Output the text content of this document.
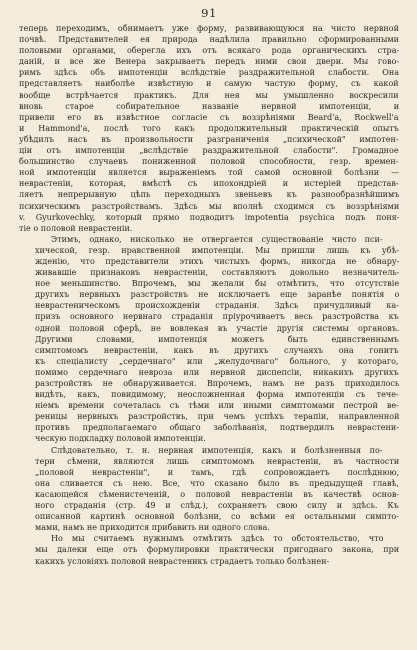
91
теперь переходимъ, обнимаетъ уже форму, развивающуюся на чисто нервной
почвѣ. Представителей ея природа надѣлила правильно сформированными
половыми органами, оберегла ихъ отъ всякаго рода органическихъ стра-
даній, и все же Венера закрываетъ передъ ними свои двери. Мы гово-
римъ здѣсь объ импотенціи вслѣдствіе раздражительной слабости. Она
представляетъ наиболѣе извѣстную и самую частую форму, съ какой
вообще встрѣчается практикъ. Для нея мы умышленно воскресили
вновь старое собирательное названіе нервной импотенціи, и
привели его въ извѣстное согласіе съ воззрѣніями Beard'а, Rockwell'а
и Hammond'а, послѣ того какъ продолжительный практическій опытъ
убѣдилъ насъ въ произвольности разграниченія „психической" импотен-
ціи отъ импотенціи „вслѣдствіе раздражительной слабости". Громадное
большинство случаевъ пониженной половой способности, гезр. времен-
ной импотенціи является выраженіемъ той самой основной болѣзни —
неврастеніи, которая, вмѣстѣ съ ипохондріей и истеріей представ-
ляетъ непрерывную цѣпь переходныхъ звеньевъ къ разнообразнѣйшимъ
психическимъ разстройствамъ. Здѣсь мы вполнѣ сходимся съ воззрѣніями
v. Gyurkovechky, который прямо подводитъ impotentia psychica подъ поня-
тіе о половой неврастеніи.
Этимъ, однако, нисколько не отвергается существованіе чисто пси-
хической, гезр. нравственной импотенціи. Мы пришли лишь къ убѣ-
жденію, что представители этихъ чистыхъ формъ, никогда не обнару-
живавшіе признаковъ неврастеніи, составляютъ довольно незначитель-
ное меньшинство. Впрочемъ, мы желали бы отмѣтить, что отсутствіе
другихъ нервныхъ разстройствъ не исключаетъ еще заранѣе понятія о
неврастеническомъ происхожденіи страданія. Здѣсь причудливый ка-
призъ основного нервнаго страданія пріурочиваетъ весь разстройства къ
одной половой сферѣ, не вовлекая въ участіе другія системы органовъ.
Другими словами, импотенція можетъ быть единственнымъ
симптомомъ неврастеніи, какъ въ другихъ случаяхъ она гонитъ
къ спеціалисту „сердечнаго" или „желудочнаго" больного, у котораго,
помимо сердечнаго невроза или нервной диспепсіи, никакихъ другихъ
разстройствъ не обнаруживается. Впрочемъ, намъ не разъ приходилось
видѣть, какъ, повидимому, неосложненная форма импотенціи съ тече-
ніемъ времени сочеталась съ тѣми или иными симптомами пестрой ве-
реницы нервныхъ разстройствъ, при чемъ успѣхъ терапіи, направленной
противъ предполагаемаго общаго заболѣванія, подтвердилъ неврастени-
ческую подкладку половой импотенціи.
Слѣдовательно, т. н. нервная импотенція, какъ и болѣзненныя по-
тери сѣмени, являются лишь симптомомъ неврастеніи, въ частности
„половой неврастеніи", и тамъ, гдѣ сопровождаетъ послѣднюю,
она сливается съ нею. Все, что сказано было въ предыдущей главѣ,
касающейся сѣменистеченій, о половой неврастеніи въ качествѣ основ-
ного страданія (стр. 49 и слѣд.), сохраняетъ свою силу и здѣсь. Къ
описанной картинѣ основной болѣзни, со всѣми ея остальными симпто-
мами, намъ не приходится прибавить ни одного слова.
Но мы считаемъ нужнымъ отмѣтить здѣсь то обстоятельство, что
мы далеки еще отъ формулировки практически пригоднаго закона, при
какихъ условіяхъ половой неврастеникъ страдаетъ только болѣзнен-
